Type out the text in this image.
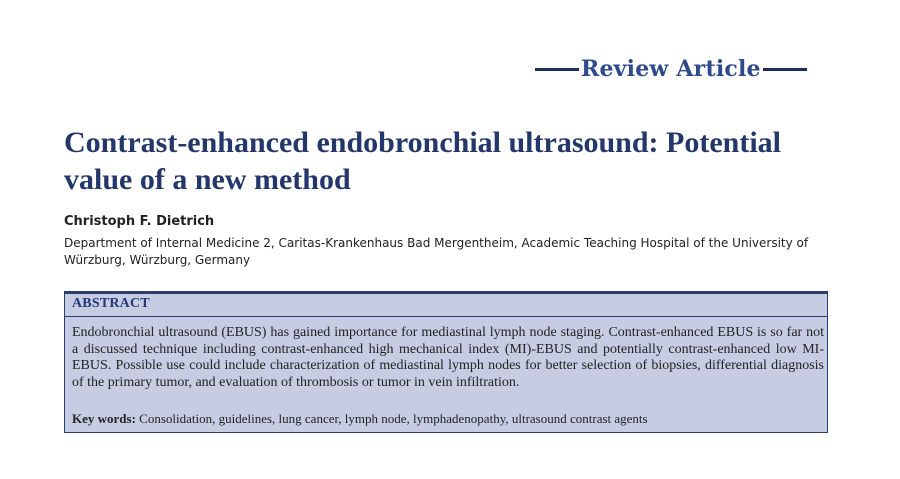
Review Article
Contrast-enhanced endobronchial ultrasound: Potential value of a new method
Christoph F. Dietrich
Department of Internal Medicine 2, Caritas-Krankenhaus Bad Mergentheim, Academic Teaching Hospital of the University of Würzburg, Würzburg, Germany
ABSTRACT

Endobronchial ultrasound (EBUS) has gained importance for mediastinal lymph node staging. Contrast-enhanced EBUS is so far not a discussed technique including contrast-enhanced high mechanical index (MI)-EBUS and potentially contrast-enhanced low MI-EBUS. Possible use could include characterization of mediastinal lymph nodes for better selection of biopsies, differential diagnosis of the primary tumor, and evaluation of thrombosis or tumor in vein infiltration.

Key words: Consolidation, guidelines, lung cancer, lymph node, lymphadenopathy, ultrasound contrast agents
